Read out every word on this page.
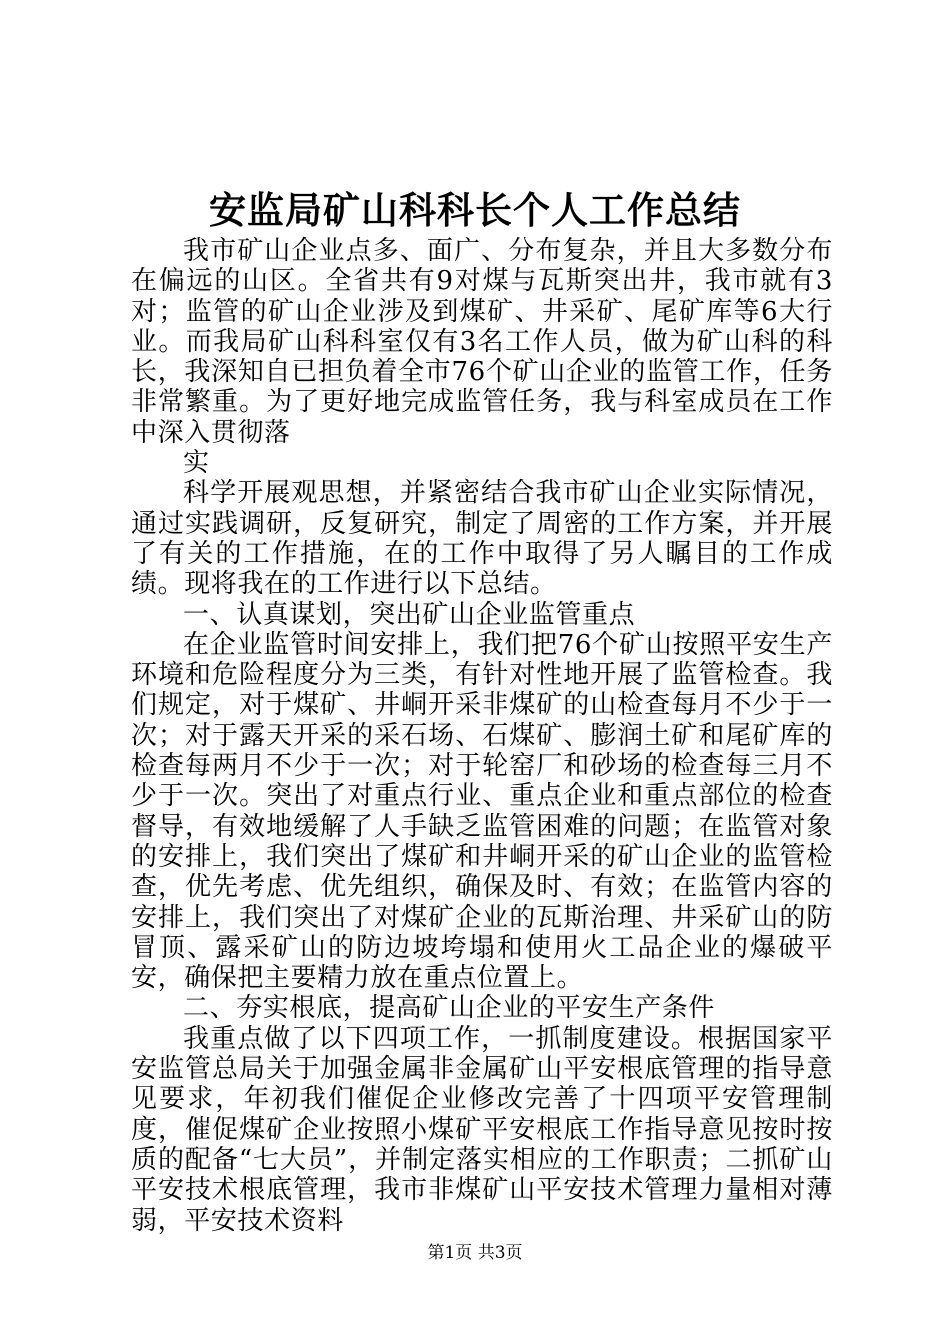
安监局矿山科科长个人工作总结

我市矿山企业点多、面广、分布复杂，并且大多数分布在偏远的山区。全省共有9对煤与瓦斯突出井，我市就有3对；监管的矿山企业涉及到煤矿、井采矿、尾矿库等6大行业。而我局矿山科科室仅有3名工作人员，做为矿山科的科长，我深知自已担负着全市76个矿山企业的监管工作，任务非常繁重。为了更好地完成监管任务，我与科室成员在工作中深入贯彻落

实

科学开展观思想，并紧密结合我市矿山企业实际情况，通过实践调研，反复研究，制定了周密的工作方案，并开展了有关的工作措施，在的工作中取得了另人瞩目的工作成绩。现将我在的工作进行以下总结。

一、认真谋划，突出矿山企业监管重点

在企业监管时间安排上，我们把76个矿山按照平安生产环境和危险程度分为三类，有针对性地开展了监管检查。我们规定，对于煤矿、井峒开采非煤矿的山检查每月不少于一次；对于露天开采的采石场、石煤矿、膨润土矿和尾矿库的检查每两月不少于一次；对于轮窑厂和砂场的检查每三月不少于一次。突出了对重点行业、重点企业和重点部位的检查督导，有效地缓解了人手缺乏监管困难的问题；在监管对象的安排上，我们突出了煤矿和井峒开采的矿山企业的监管检查，优先考虑、优先组织，确保及时、有效；在监管内容的安排上，我们突出了对煤矿企业的瓦斯治理、井采矿山的防冒顶、露采矿山的防边坡垮塌和使用火工品企业的爆破平安，确保把主要精力放在重点位置上。

二、夯实根底，提高矿山企业的平安生产条件

我重点做了以下四项工作，一抓制度建设。根据国家平安监管总局关于加强金属非金属矿山平安根底管理的指导意见要求，年初我们催促企业修改完善了十四项平安管理制度，催促煤矿企业按照小煤矿平安根底工作指导意见按时按质的配备“七大员”，并制定落实相应的工作职责；二抓矿山平安技术根底管理，我市非煤矿山平安技术管理力量相对薄弱，平安技术资料

第1页 共3页
